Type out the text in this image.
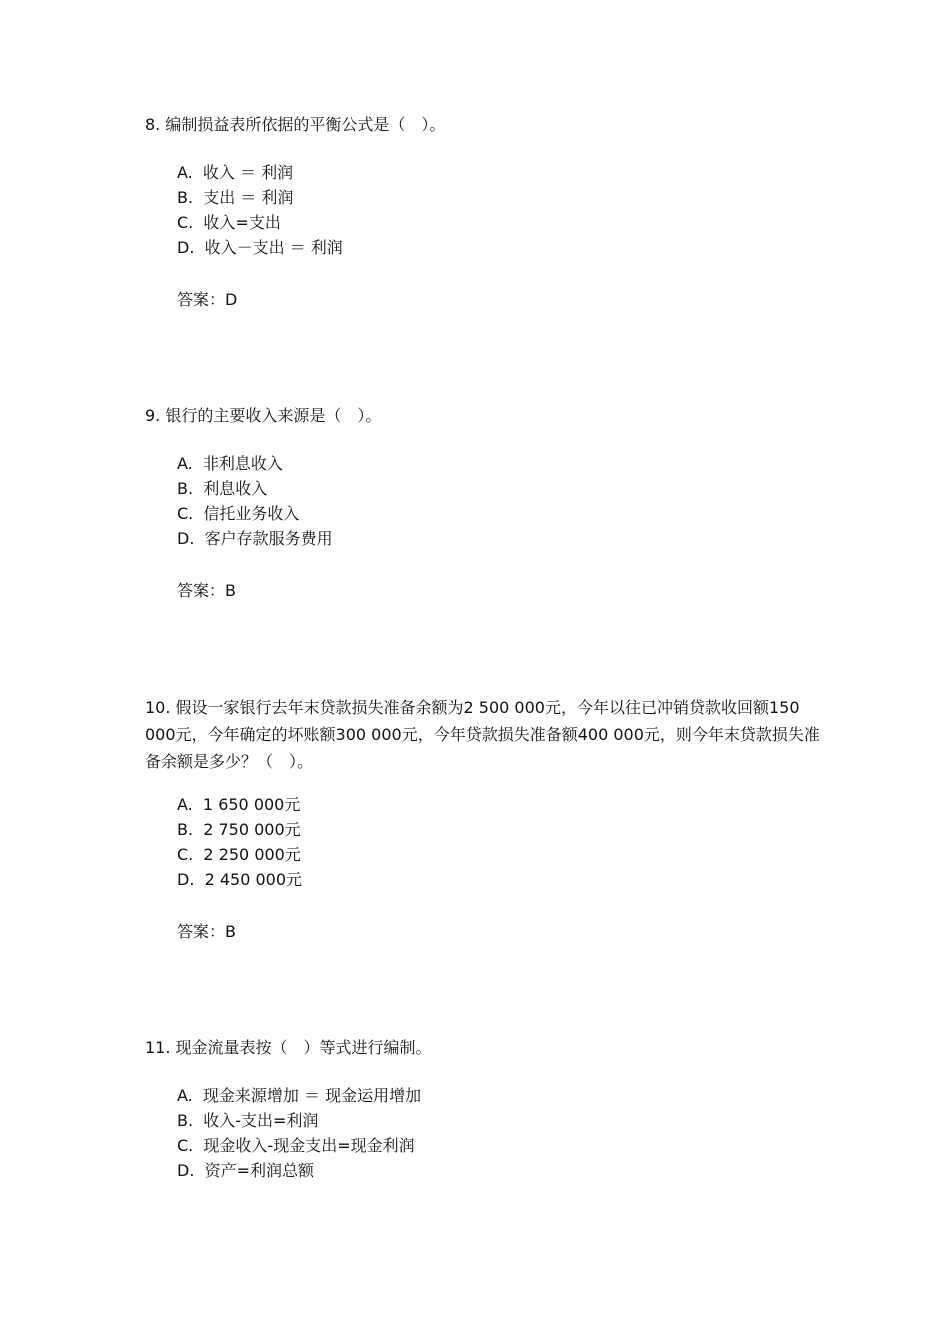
8. 编制损益表所依据的平衡公式是（　）。

A.  收入 ＝ 利润
B.  支出 ＝ 利润
C.  收入=支出
D.  收入－支出 ＝ 利润
答案：D

9. 银行的主要收入来源是（　）。

A.  非利息收入
B.  利息收入
C.  信托业务收入
D.  客户存款服务费用
答案：B

10. 假设一家银行去年末贷款损失准备余额为2 500 000元，今年以往已冲销贷款收回额150 000元，今年确定的坏账额300 000元，今年贷款损失准备额400 000元，则今年末贷款损失准备余额是多少？（　）。

A.  1 650 000元
B.  2 750 000元
C.  2 250 000元
D.  2 450 000元
答案：B

11. 现金流量表按（　）等式进行编制。

A.  现金来源增加 ＝ 现金运用增加
B.  收入-支出=利润
C.  现金收入-现金支出=现金利润
D.  资产=利润总额
